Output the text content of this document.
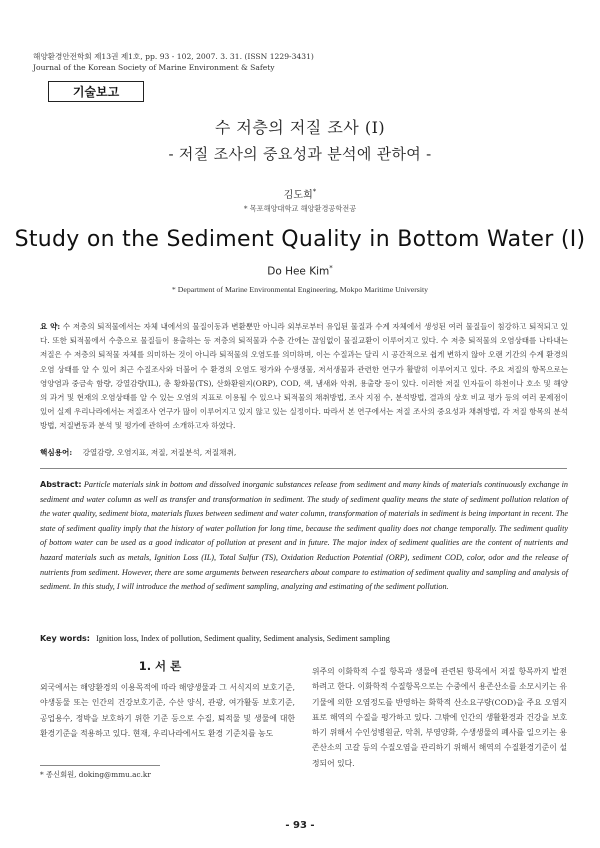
해양환경안전학회 제13권 제1호, pp. 93 - 102, 2007. 3. 31. (ISSN 1229-3431)
Journal of the Korean Society of Marine Environment & Safety
기술보고
수 저층의 저질 조사 (I)
- 저질 조사의 중요성과 분석에 관하여 -
김도희*
* 목포해양대학교 해양환경공학전공
Study on the Sediment Quality in Bottom Water (I)
Do Hee Kim*
* Department of Marine Environmental Engineering, Mokpo Maritime University
요 약: 수 저층의 퇴적물에서는 자체 내에서의 물질이동과 변환뿐만 아니라 외부로부터 유입된 물질과 수계 자체에서 생성된 여러 물질들이 침강하고 퇴적되고 있다. 또한 퇴적물에서 수층으로 물질들이 용출하는 등 저층의 퇴적물과 수층 간에는 끊임없이 물질교환이 이루어지고 있다. 수 저층 퇴적물의 오염상태를 나타내는 저질은 수 저층의 퇴적물 자체를 의미하는 것이 아니라 퇴적물의 오염도를 의미하며, 이는 수질과는 달리 시 공간적으로 쉽게 변하지 않아 오랜 기간의 수계 환경의 오염 상태를 알 수 있어 최근 수질조사와 더불어 수 환경의 오염도 평가와 수생생물, 저서생물과 관련한 연구가 활발히 이루어지고 있다. 주요 저질의 항목으로는 영양염과 중금속 함량, 강열감량(IL), 총 황화물(TS), 산화환원지(ORP), COD, 색, 냄새와 악취, 용출량 등이 있다. 이러한 저질 인자들이 하천이나 호소 및 해양의 과거 및 현재의 오염상태를 알 수 있는 오염의 지표로 이용될 수 있으나 퇴적물의 채취방법, 조사 지점 수, 분석방법, 결과의 상호 비교 평가 등의 여러 문제점이 있어 실제 우리나라에서는 저질조사 연구가 많이 이루어지고 있지 않고 있는 실정이다. 따라서 본 연구에서는 저질 조사의 중요성과 채취방법, 각 저질 항목의 분석방법, 저질변동과 분석 및 평가에 관하여 소개하고자 하였다.
핵심용어: 강열감량, 오염지표, 저질, 저질분석, 저질채취,
Abstract: Particle materials sink in bottom and dissolved inorganic substances release from sediment and many kinds of materials continuously exchange in sediment and water column as well as transfer and transformation in sediment. The study of sediment quality means the state of sediment pollution relation of the water quality, sediment biota, materials fluxes between sediment and water column, transformation of materials in sediment is being important in recent. The state of sediment quality imply that the history of water pollution for long time, because the sediment quality does not change temporally. The sediment quality of bottom water can be used as a good indicator of pollution at present and in future. The major index of sediment qualities are the content of nutrients and hazard materials such as metals, Ignition Loss (IL), Total Sulfur (TS), Oxidation Reduction Potential (ORP), sediment COD, color, odor and the release of nutrients from sediment. However, there are some arguments between researchers about compare to estimation of sediment quality and sampling and analysis of sediment. In this study, I will introduce the method of sediment sampling, analyzing and estimating of the sediment pollution.
Key words: Ignition loss, Index of pollution, Sediment quality, Sediment analysis, Sediment sampling
1. 서 론
외국에서는 해양환경의 이용목적에 따라 해양생물과 그 서식지의 보호기준, 야생동물 또는 인간의 건강보호기준, 수산 양식, 관광, 여가활동 보호기준, 공업용수, 정박을 보호하기 위한 기준 등으로 수질, 퇴적물 및 생물에 대한 환경기준을 적용하고 있다. 현재, 우리나라에서도 환경 기준치를 농도
위주의 이화학적 수질 항목과 생물에 관련된 항목에서 저질 항목까지 발전하려고 한다. 이화학적 수질항목으로는 수중에서 용존산소를 소모시키는 유기물에 의한 오염정도를 반영하는 화학적 산소요구량(COD)을 주요 오염지표로 해역의 수질을 평가하고 있다. 그밖에 인간의 생활환경과 건강을 보호하기 위해서 수인성병원균, 악취, 부영양화, 수생생물의 폐사를 일으키는 용존산소의 고갈 등의 수질오염을 관리하기 위해서 해역의 수질환경기준이 설정되어 있다.
* 종신회원, doking@mmu.ac.kr
- 93 -
